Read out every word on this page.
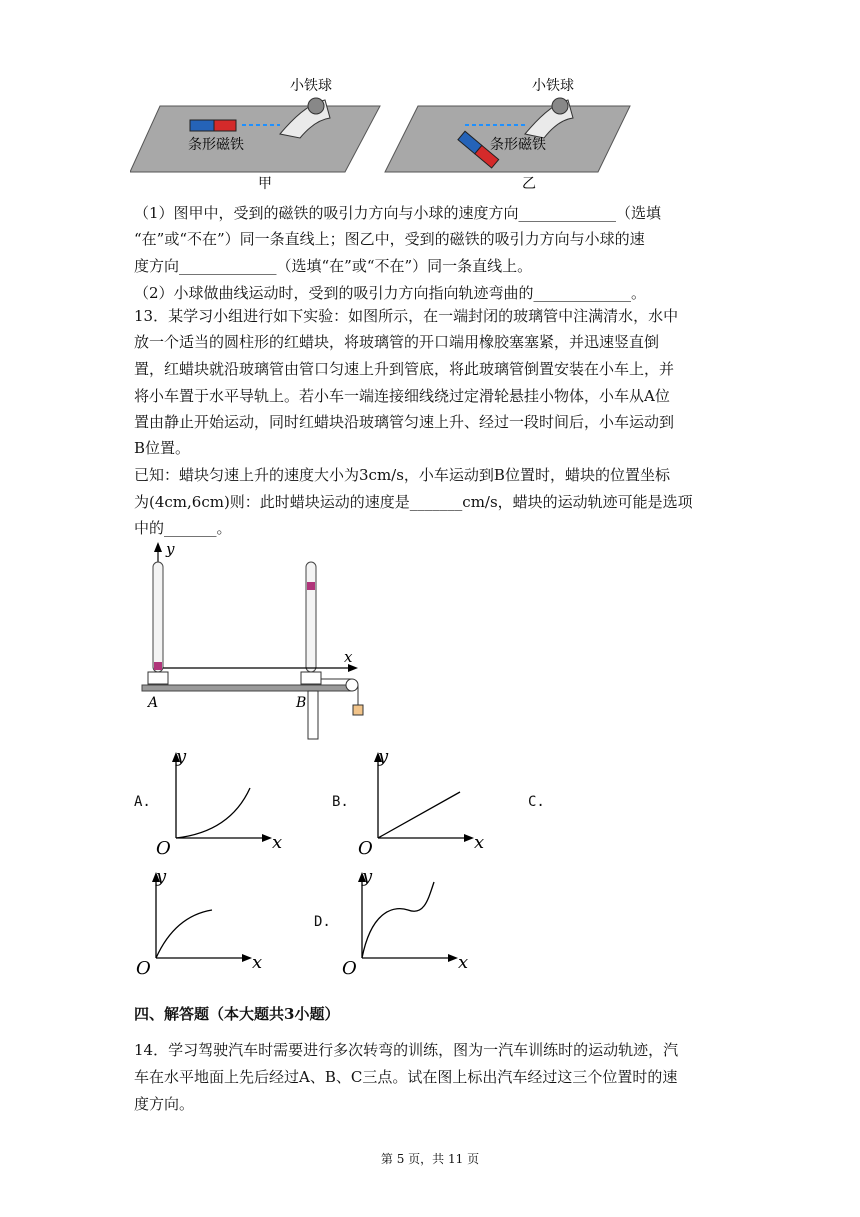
小铁球
条形磁铁
甲
小铁球
条形磁铁
乙
（1）图甲中，受到的磁铁的吸引力方向与小球的速度方向_____________（选填
“在”或“不在”）同一条直线上；图乙中，受到的磁铁的吸引力方向与小球的速
度方向_____________（选填“在”或“不在”）同一条直线上。
（2）小球做曲线运动时，受到的吸引力方向指向轨迹弯曲的_____________。
13．某学习小组进行如下实验：如图所示，在一端封闭的玻璃管中注满清水，水中
放一个适当的圆柱形的红蜡块，将玻璃管的开口端用橡胶塞塞紧，并迅速竖直倒
置，红蜡块就沿玻璃管由管口匀速上升到管底，将此玻璃管倒置安装在小车上，并
将小车置于水平导轨上。若小车一端连接细线绕过定滑轮悬挂小物体，小车从A位
置由静止开始运动，同时红蜡块沿玻璃管匀速上升、经过一段时间后，小车运动到
B位置。
已知：蜡块匀速上升的速度大小为3cm/s，小车运动到B位置时，蜡块的位置坐标
为(4cm,6cm)则：此时蜡块运动的速度是_______cm/s，蜡块的运动轨迹可能是选项
中的_______。
y
x
A	B
A.
y
x
O
B.
y
x
O
C.
y
x
O
D.
y
x
O
四、解答题（本大题共3小题）
14．学习驾驶汽车时需要进行多次转弯的训练，图为一汽车训练时的运动轨迹，汽
车在水平地面上先后经过A、B、C三点。试在图上标出汽车经过这三个位置时的速
度方向。
第 5 页，共 11 页
